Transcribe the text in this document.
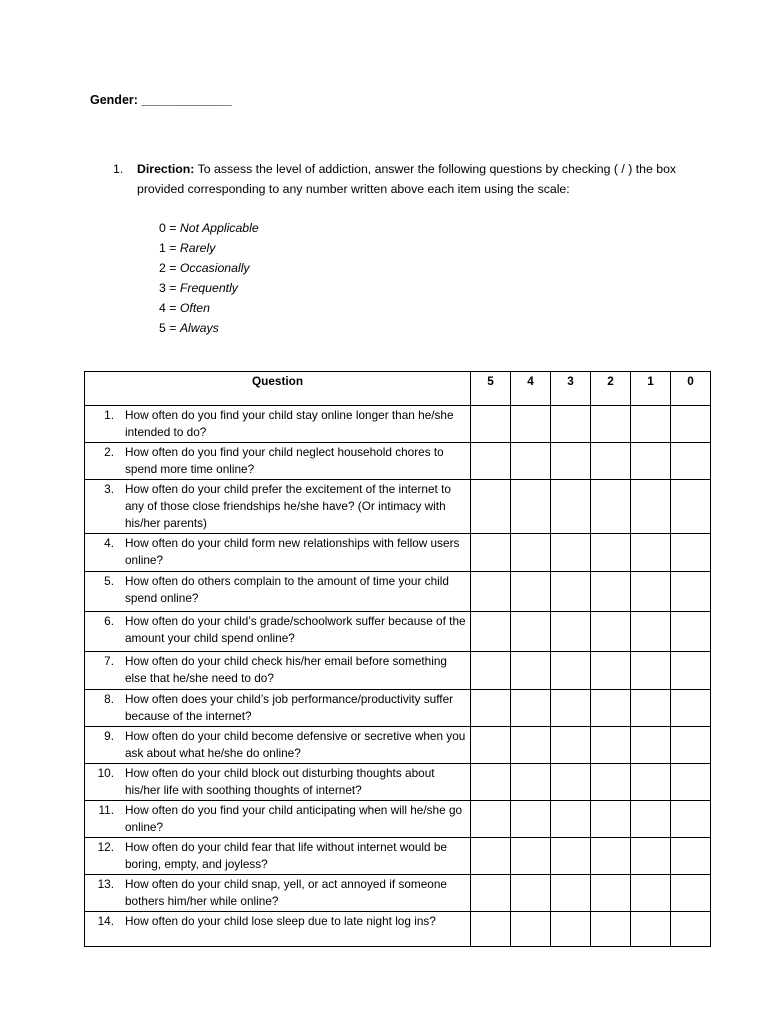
Gender: _____________
1. Direction: To assess the level of addiction, answer the following questions by checking ( / ) the box provided corresponding to any number written above each item using the scale:
0 = Not Applicable
1 = Rarely
2 = Occasionally
3 = Frequently
4 = Often
5 = Always
Question	5	4	3	2	1	0

1. How often do you find your child stay online longer than he/she intended to do?						

2. How often do you find your child neglect household chores to spend more time online?						

3. How often do your child prefer the excitement of the internet to any of those close friendships he/she have? (Or intimacy with his/her parents)						

4. How often do your child form new relationships with fellow users online?						

5. How often do others complain to the amount of time your child spend online?						

6. How often do your child’s grade/schoolwork suffer because of the amount your child spend online?						

7. How often do your child check his/her email before something else that he/she need to do?						

8. How often does your child’s job performance/productivity suffer because of the internet?						

9. How often do your child become defensive or secretive when you ask about what he/she do online?						

10. How often do your child block out disturbing thoughts about his/her life with soothing thoughts of internet?						

11. How often do you find your child anticipating when will he/she go online?						

12. How often do your child fear that life without internet would be boring, empty, and joyless?						

13. How often do your child snap, yell, or act annoyed if someone bothers him/her while online?						

14. How often do your child lose sleep due to late night log ins?						
